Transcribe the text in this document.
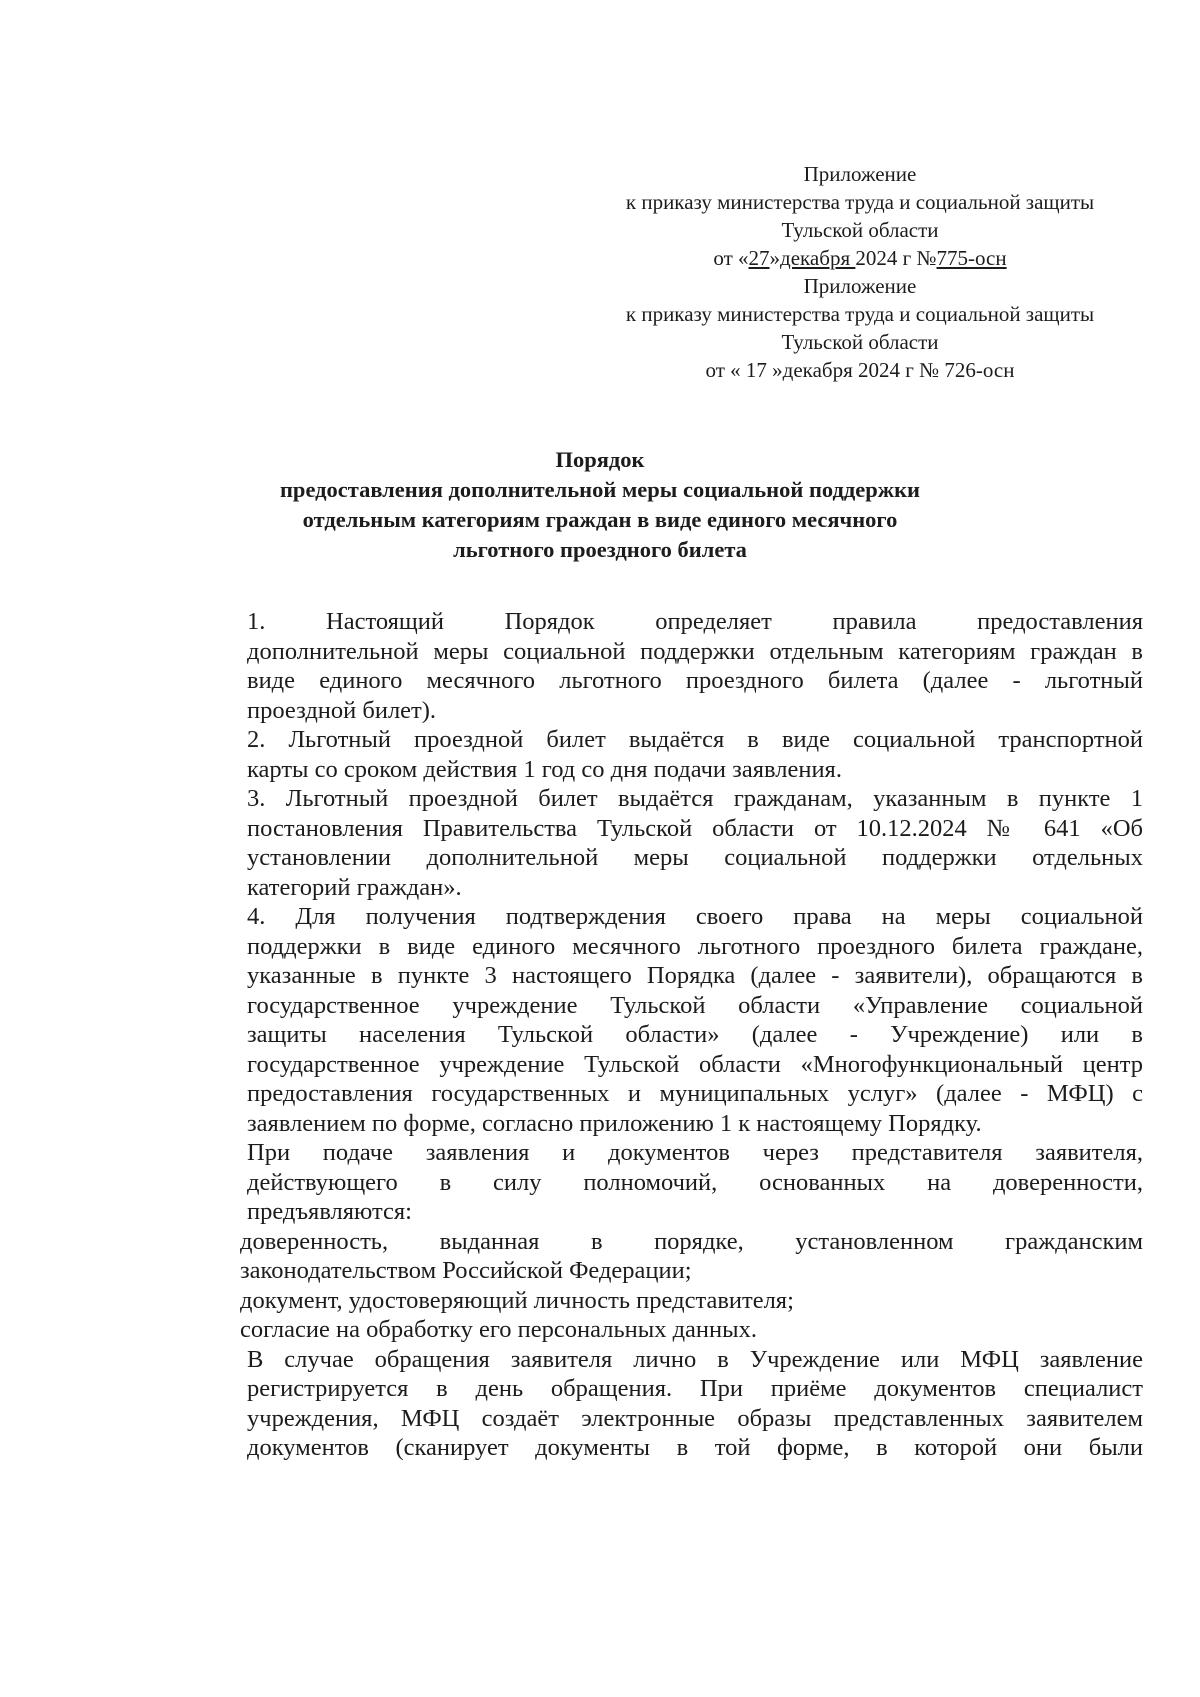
Приложение
к приказу министерства труда и социальной защиты
Тульской области
от «27»декабря 2024 г №775-осн
Приложение
к приказу министерства труда и социальной защиты
Тульской области
от « 17 »декабря 2024 г № 726-осн
Порядок
предоставления дополнительной меры социальной поддержки
отдельным категориям граждан в виде единого месячного
льготного проездного билета

1. Настоящий Порядок определяет правила предоставления
дополнительной меры социальной поддержки отдельным категориям граждан в
виде единого месячного льготного проездного билета (далее - льготный
проездной билет).

2. Льготный проездной билет выдаётся в виде социальной транспортной
карты со сроком действия 1 год со дня подачи заявления.

3. Льготный проездной билет выдаётся гражданам, указанным в пункте 1
постановления Правительства Тульской области от 10.12.2024 № 641 «Об
установлении дополнительной меры социальной поддержки отдельных
категорий граждан».

4. Для получения подтверждения своего права на меры социальной
поддержки в виде единого месячного льготного проездного билета граждане,
указанные в пункте 3 настоящего Порядка (далее - заявители), обращаются в
государственное учреждение Тульской области «Управление социальной
защиты населения Тульской области» (далее - Учреждение) или в
государственное учреждение Тульской области «Многофункциональный центр
предоставления государственных и муниципальных услуг» (далее - МФЦ) с
заявлением по форме, согласно приложению 1 к настоящему Порядку.

При подаче заявления и документов через представителя заявителя,
действующего в силу полномочий, основанных на доверенности,
предъявляются:

доверенность, выданная в порядке, установленном гражданским
законодательством Российской Федерации;

документ, удостоверяющий личность представителя;

согласие на обработку его персональных данных.

В случае обращения заявителя лично в Учреждение или МФЦ заявление
регистрируется в день обращения. При приёме документов специалист
учреждения, МФЦ создаёт электронные образы представленных заявителем
документов (сканирует документы в той форме, в которой они были
